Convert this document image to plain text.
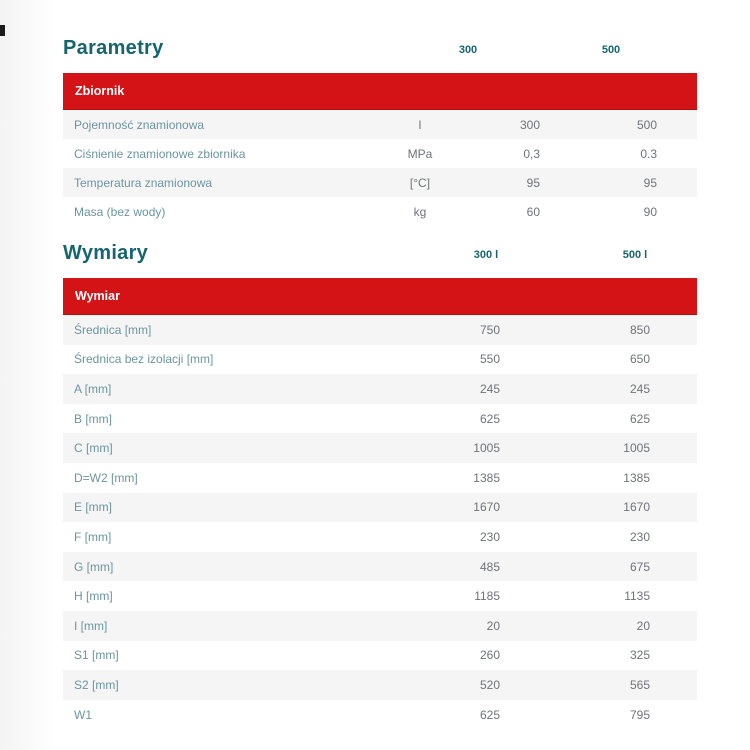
Parametry	300	500
Zbiornik
Pojemność znamionowa	l	300	500
Ciśnienie znamionowe zbiornika	MPa	0,3	0.3
Temperatura znamionowa	[°C]	95	95
Masa (bez wody)	kg	60	90
Wymiary	300 l	500 l
Wymiar
Średnica [mm]	750	850
Średnica bez izolacji [mm]	550	650
A [mm]	245	245
B [mm]	625	625
C [mm]	1005	1005
D=W2 [mm]	1385	1385
E [mm]	1670	1670
F [mm]	230	230
G [mm]	485	675
H [mm]	1185	1135
I [mm]	20	20
S1 [mm]	260	325
S2 [mm]	520	565
W1	625	795
